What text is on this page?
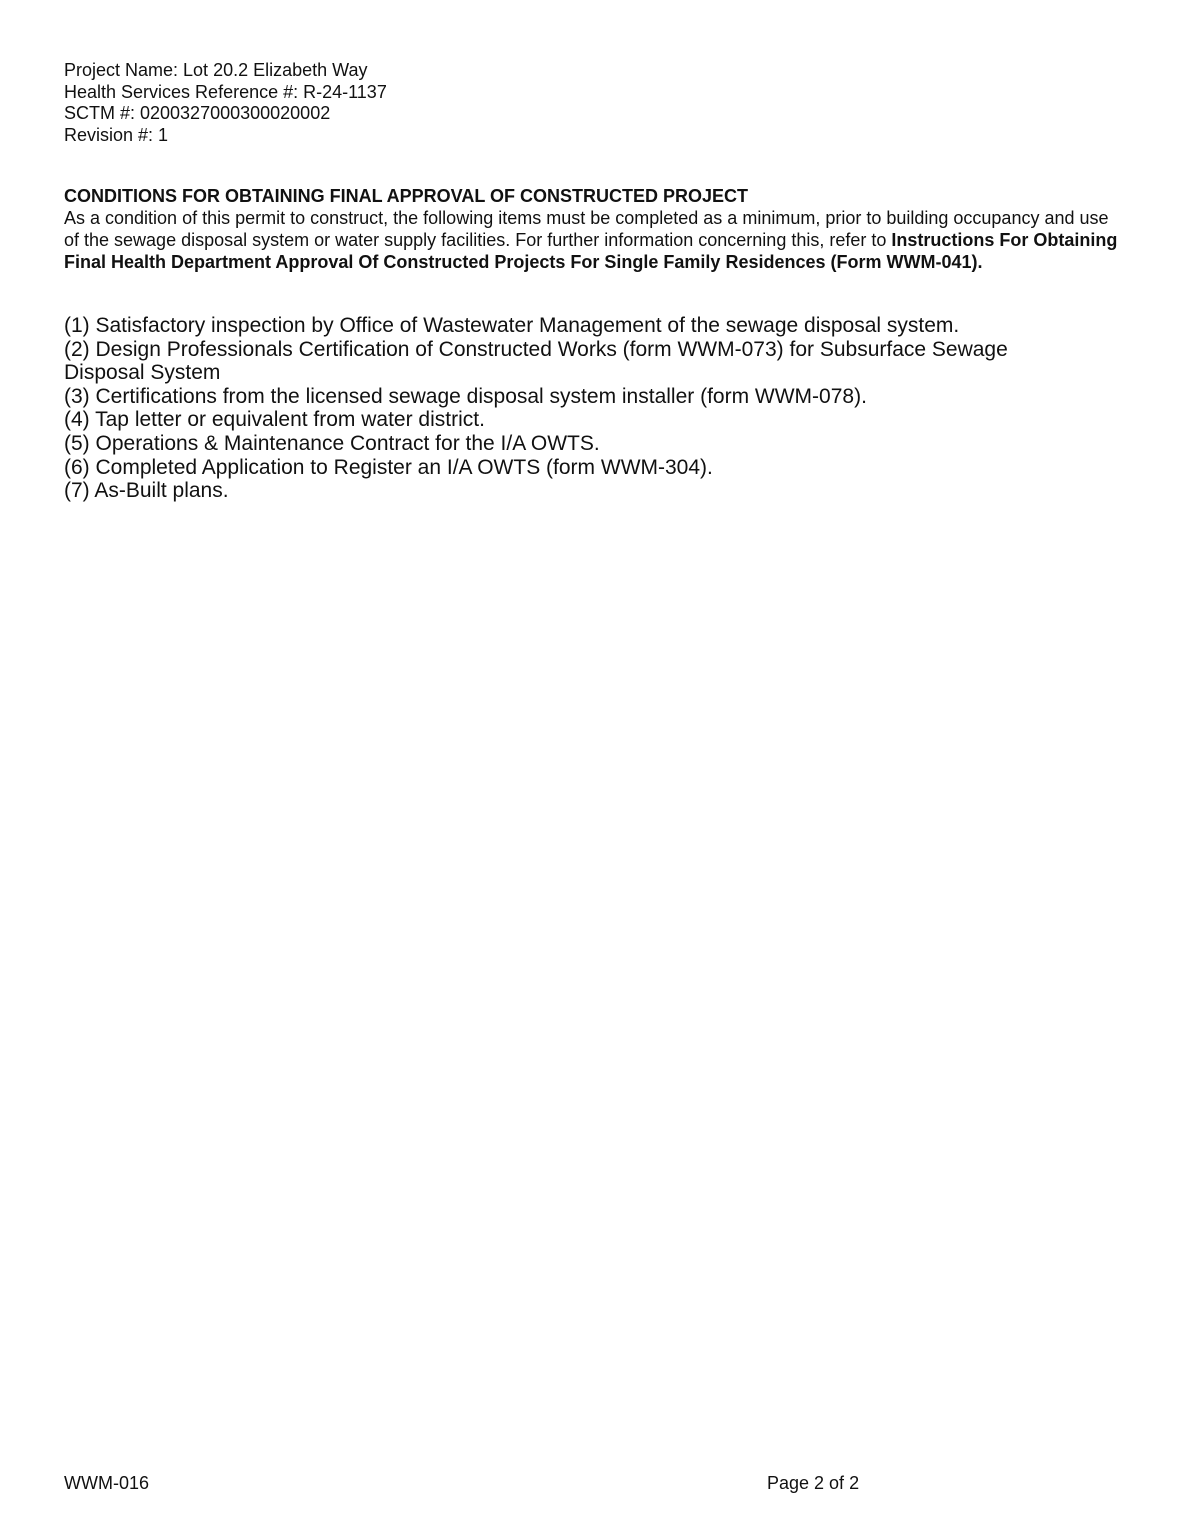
Project Name: Lot 20.2 Elizabeth Way
Health Services Reference #: R-24-1137
SCTM #: 0200327000300020002
Revision #: 1
CONDITIONS FOR OBTAINING FINAL APPROVAL OF CONSTRUCTED PROJECT
As a condition of this permit to construct, the following items must be completed as a minimum, prior to building occupancy and use of the sewage disposal system or water supply facilities. For further information concerning this, refer to Instructions For Obtaining Final Health Department Approval Of Constructed Projects For Single Family Residences (Form WWM-041).
(1) Satisfactory inspection by Office of Wastewater Management of the sewage disposal system.
(2) Design Professionals Certification of Constructed Works (form WWM-073) for Subsurface Sewage Disposal System
(3) Certifications from the licensed sewage disposal system installer (form WWM-078).
(4) Tap letter or equivalent from water district.
(5) Operations & Maintenance Contract for the I/A OWTS.
(6) Completed Application to Register an I/A OWTS (form WWM-304).
(7) As-Built plans.
WWM-016	Page 2 of 2
